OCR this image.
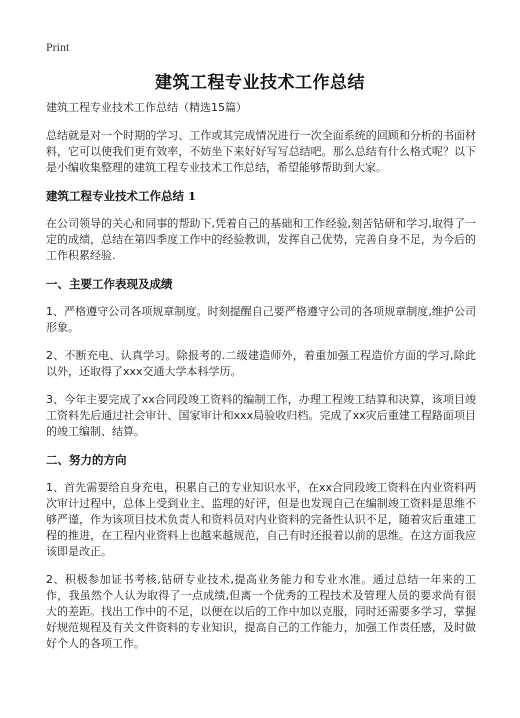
Print
建筑工程专业技术工作总结

建筑工程专业技术工作总结（精选15篇）

总结就是对一个时期的学习、工作或其完成情况进行一次全面系统的回顾和分析的书面材料，它可以使我们更有效率，不妨坐下来好好写写总结吧。那么总结有什么格式呢？以下是小编收集整理的建筑工程专业技术工作总结，希望能够帮助到大家。

建筑工程专业技术工作总结 1

在公司领导的关心和同事的帮助下,凭着自己的基础和工作经验,刻苦钻研和学习,取得了一定的成绩，总结在第四季度工作中的经验教训，发挥自己优势，完善自身不足，为今后的工作积累经验.

一、主要工作表现及成绩

1、严格遵守公司各项规章制度。时刻提醒自己要严格遵守公司的各项规章制度,维护公司形象。

2、不断充电、认真学习。除报考的.二级建造师外，着重加强工程造价方面的学习,除此以外，还取得了xxx交通大学本科学历。

3、今年主要完成了xx合同段竣工资料的编制工作，办理工程竣工结算和决算，该项目竣工资料先后通过社会审计、国家审计和xxx局验收归档。完成了xx灾后重建工程路面项目的竣工编制、结算。

二、努力的方向

1、首先需要给自身充电，积累自己的专业知识水平，在xx合同段竣工资料在内业资料两次审计过程中，总体上受到业主、监理的好评，但是也发现自己在编制竣工资料是思维不够严谨，作为该项目技术负责人和资料员对内业资料的完备性认识不足，随着灾后重建工程的推进，在工程内业资料上也越来越规范，自己有时还报着以前的思维。在这方面我应该即是改正。

2、积极参加证书考核,钻研专业技术,提高业务能力和专业水准。通过总结一年来的工作，我虽然个人认为取得了一点成绩,但离一个优秀的工程技术及管理人员的要求尚有很大的差距。找出工作中的不足，以便在以后的工作中加以克服，同时还需要多学习，掌握好规范规程及有关文件资料的专业知识，提高自己的工作能力，加强工作责任感，及时做好个人的各项工作。
